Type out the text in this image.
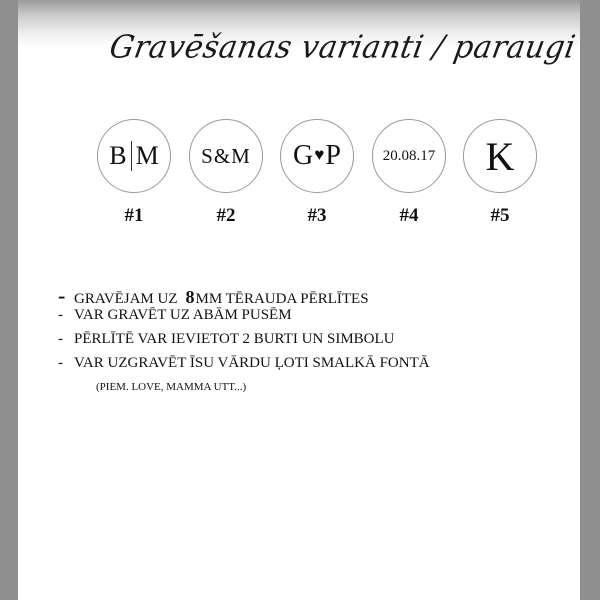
Gravēšanas varianti / paraugi
B M
#1
S&M
#2
G ♥ P
#3
20.08.17
#4
K
#5
- GRAVĒJAM UZ 8 MM TĒRAUDA PĒRLĪTES
- VAR GRAVĒT UZ ABĀM PUSĒM
- PĒRLĪTĒ VAR IEVIETOT 2 BURTI UN SIMBOLU
- VAR UZGRAVĒT ĪSU VĀRDU ĻOTI SMALKĀ FONTĀ
(PIEM. LOVE, MAMMA UTT...)
